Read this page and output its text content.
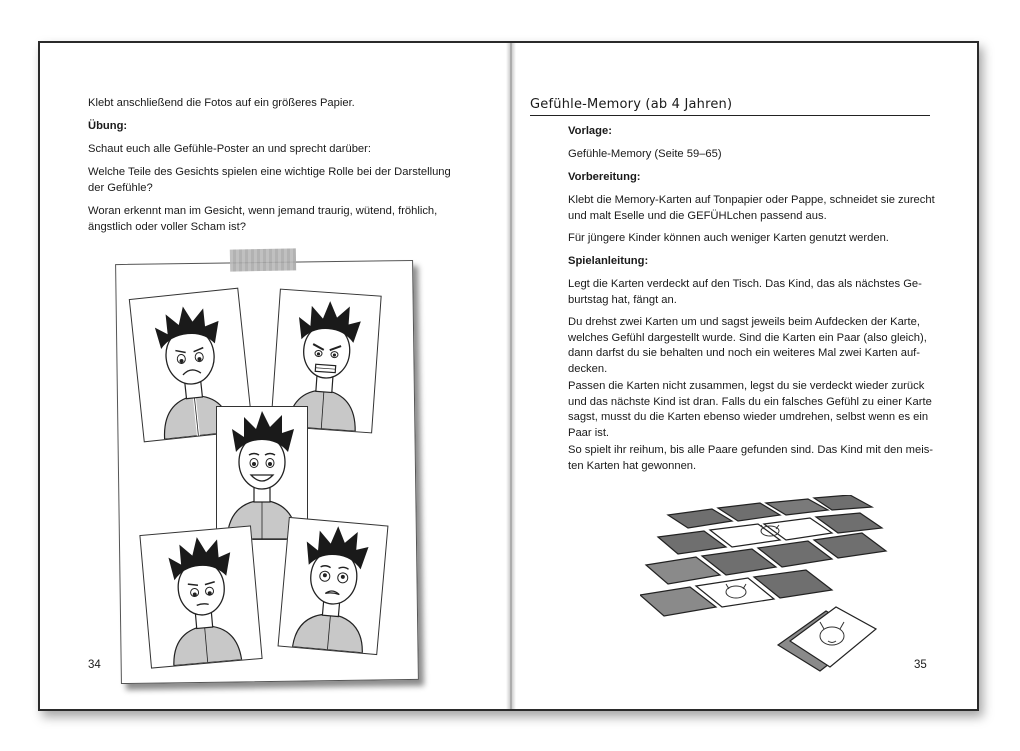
Klebt anschließend die Fotos auf ein größeres Papier.
Übung:
Schaut euch alle Gefühle-Poster an und sprecht darüber:
Welche Teile des Gesichts spielen eine wichtige Rolle bei der Darstellung
der Gefühle?
Woran erkennt man im Gesicht, wenn jemand traurig, wütend, fröhlich,
ängstlich oder voller Scham ist?
34
Gefühle-Memory (ab 4 Jahren)
Vorlage:
Gefühle-Memory (Seite 59–65)
Vorbereitung:
Klebt die Memory-Karten auf Tonpapier oder Pappe, schneidet sie zurecht
und malt Eselle und die GEFÜHLchen passend aus.
Für jüngere Kinder können auch weniger Karten genutzt werden.
Spielanleitung:
Legt die Karten verdeckt auf den Tisch. Das Kind, das als nächstes Ge-
burtstag hat, fängt an.
Du drehst zwei Karten um und sagst jeweils beim Aufdecken der Karte,
welches Gefühl dargestellt wurde. Sind die Karten ein Paar (also gleich),
dann darfst du sie behalten und noch ein weiteres Mal zwei Karten auf-
decken.
Passen die Karten nicht zusammen, legst du sie verdeckt wieder zurück
und das nächste Kind ist dran. Falls du ein falsches Gefühl zu einer Karte
sagst, musst du die Karten ebenso wieder umdrehen, selbst wenn es ein
Paar ist.
So spielt ihr reihum, bis alle Paare gefunden sind. Das Kind mit den meis-
ten Karten hat gewonnen.
35
